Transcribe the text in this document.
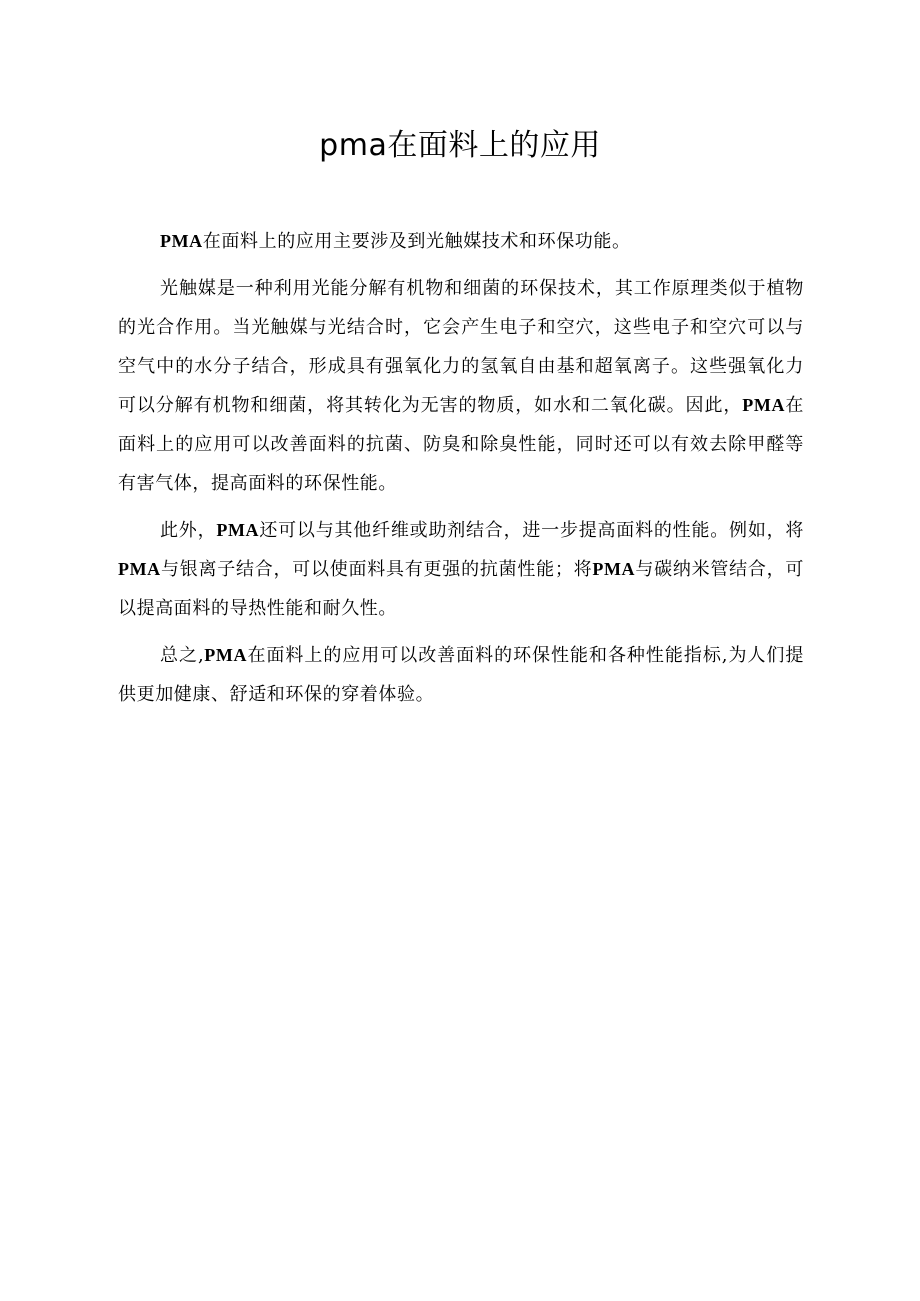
pma在面料上的应用

PMA在面料上的应用主要涉及到光触媒技术和环保功能。

光触媒是一种利用光能分解有机物和细菌的环保技术，其工作原理类似于植物的光合作用。当光触媒与光结合时，它会产生电子和空穴，这些电子和空穴可以与空气中的水分子结合，形成具有强氧化力的氢氧自由基和超氧离子。这些强氧化力可以分解有机物和细菌，将其转化为无害的物质，如水和二氧化碳。因此，PMA在面料上的应用可以改善面料的抗菌、防臭和除臭性能，同时还可以有效去除甲醛等有害气体，提高面料的环保性能。

此外，PMA还可以与其他纤维或助剂结合，进一步提高面料的性能。例如，将PMA与银离子结合，可以使面料具有更强的抗菌性能；将PMA与碳纳米管结合，可以提高面料的导热性能和耐久性。

总之,PMA在面料上的应用可以改善面料的环保性能和各种性能指标,为人们提供更加健康、舒适和环保的穿着体验。
